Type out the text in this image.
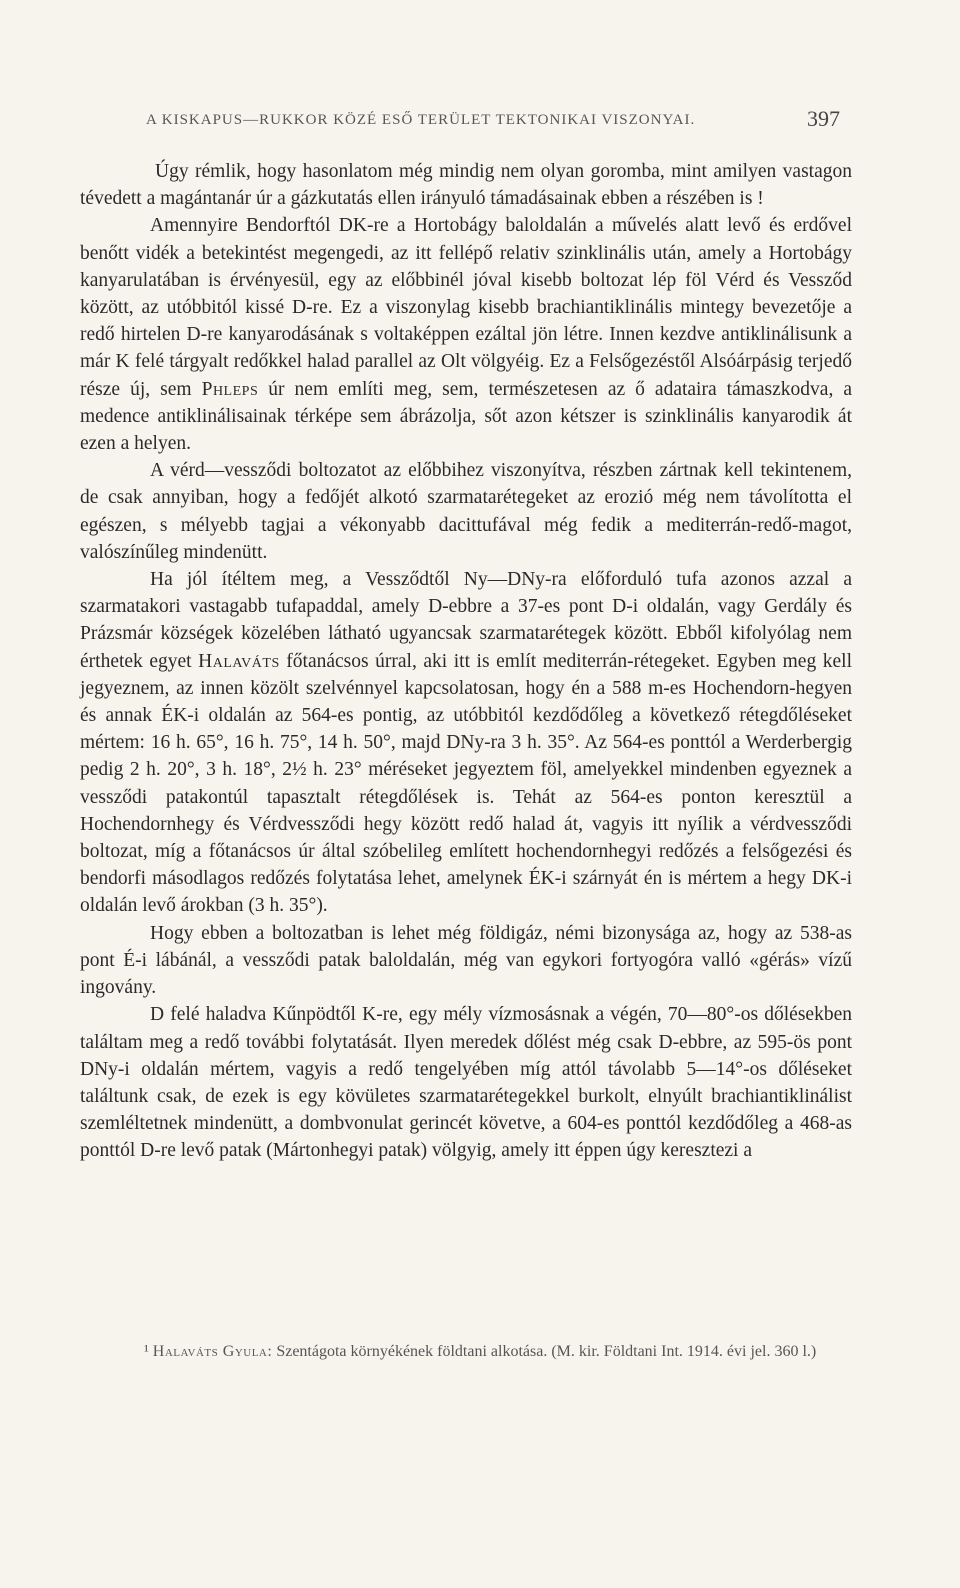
A KISKAPUS—RUKKOR KÖZÉ ESŐ TERÜLET TEKTONIKAI VISZONYAI.	397

Úgy rémlik, hogy hasonlatom még mindig nem olyan goromba, mint amilyen vastagon tévedett a magántanár úr a gázkutatás ellen irányuló támadásainak ebben a részében is !

Amennyire Bendorftól DK-re a Hortobágy baloldalán a művelés alatt levő és erdővel benőtt vidék a betekintést megengedi, az itt fellépő relativ szinklinális után, amely a Hortobágy kanyarulatában is érvényesül, egy az előbbinél jóval kisebb boltozat lép föl Vérd és Vessződ között, az utóbbitól kissé D-re. Ez a viszonylag kisebb brachiantiklinális mintegy bevezetője a redő hirtelen D-re kanyarodásának s voltaképpen ezáltal jön létre. Innen kezdve antiklinálisunk a már K felé tárgyalt redőkkel halad parallel az Olt völgyéig. Ez a Felsőgezéstől Alsóárpásig terjedő része új, sem Phleps úr nem említi meg, sem, természetesen az ő adataira támaszkodva, a medence antiklinálisainak térképe sem ábrázolja, sőt azon kétszer is szinklinális kanyarodik át ezen a helyen.

A vérd—vessződi boltozatot az előbbihez viszonyítva, részben zártnak kell tekintenem, de csak annyiban, hogy a fedőjét alkotó szarmatarétegeket az erozió még nem távolította el egészen, s mélyebb tagjai a vékonyabb dacittufával még fedik a mediterrán-redő-magot, valószínűleg mindenütt.

Ha jól ítéltem meg, a Vessződtől Ny—DNy-ra előforduló tufa azonos azzal a szarmatakori vastagabb tufapaddal, amely D-ebbre a 37-es pont D-i oldalán, vagy Gerdály és Prázsmár községek közelében látható ugyancsak szarmatarétegek között. Ebből kifolyólag nem érthetek egyet Halaváts főtanácsos úrral, aki itt is említ mediterrán-rétegeket. Egyben meg kell jegyeznem, az innen közölt szelvénnyel kapcsolatosan, hogy én a 588 m-es Hochendorn-hegyen és annak ÉK-i oldalán az 564-es pontig, az utóbbitól kezdődőleg a következő rétegdőléseket mértem: 16 h. 65°, 16 h. 75°, 14 h. 50°, majd DNy-ra 3 h. 35°. Az 564-es ponttól a Werderbergig pedig 2 h. 20°, 3 h. 18°, 2½ h. 23° méréseket jegyeztem föl, amelyekkel mindenben egyeznek a vessződi patakontúl tapasztalt rétegdőlések is. Tehát az 564-es ponton keresztül a Hochendornhegy és Vérdvessződi hegy között redő halad át, vagyis itt nyílik a vérdvessződi boltozat, míg a főtanácsos úr által szóbelileg említett hochendornhegyi redőzés a felsőgezési és bendorfi másodlagos redőzés folytatása lehet, amelynek ÉK-i szárnyát én is mértem a hegy DK-i oldalán levő árokban (3 h. 35°).

Hogy ebben a boltozatban is lehet még földigáz, némi bizonysága az, hogy az 538-as pont É-i lábánál, a vessződi patak baloldalán, még van egykori fortyogóra valló «gérás» vízű ingovány.

D felé haladva Kűnpödtől K-re, egy mély vízmosásnak a végén, 70—80°-os dőlésekben találtam meg a redő további folytatását. Ilyen meredek dőlést még csak D-ebbre, az 595-ös pont DNy-i oldalán mértem, vagyis a redő tengelyében míg attól távolabb 5—14°-os dőléseket találtunk csak, de ezek is egy kövületes szarmatarétegekkel burkolt, elnyúlt brachiantiklinálist szemléltetnek mindenütt, a dombvonulat gerincét követve, a 604-es ponttól kezdődőleg a 468-as ponttól D-re levő patak (Mártonhegyi patak) völgyig, amely itt éppen úgy keresztezi a

¹ Halaváts Gyula: Szentágota környékének földtani alkotása. (M. kir. Földtani Int. 1914. évi jel. 360 l.)
